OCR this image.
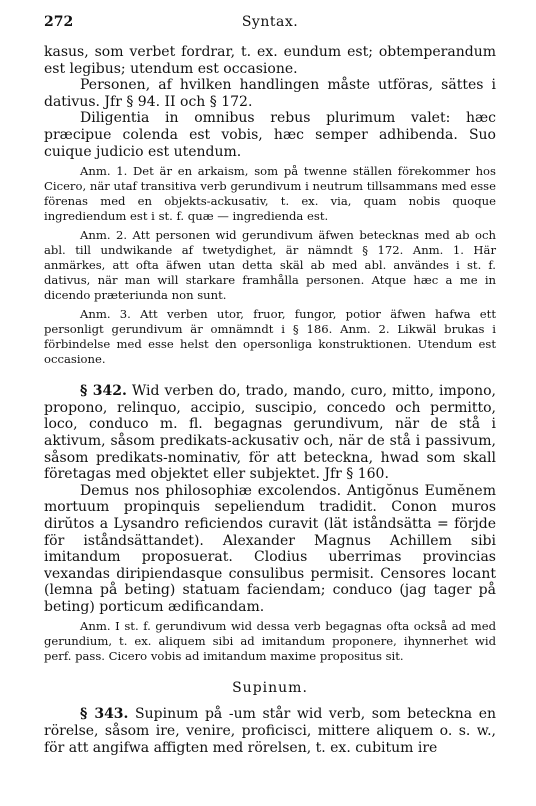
272	Syntax.

kasus, som verbet fordrar, t. ex. eundum est; obtemperandum est legibus; utendum est occasione.

Personen, af hvilken handlingen måste utföras, sättes i dativus. Jfr § 94. II och § 172.

Diligentia in omnibus rebus plurimum valet: hæc præcipue colenda est vobis, hæc semper adhibenda. Suo cuique judicio est utendum.

Anm. 1. Det är en arkaism, som på twenne ställen förekommer hos Cicero, när utaf transitiva verb gerundivum i neutrum tillsammans med esse förenas med en objekts-ackusativ, t. ex. via, quam nobis quoque ingrediendum est i st. f. quæ — ingredienda est.

Anm. 2. Att personen wid gerundivum äfwen betecknas med ab och abl. till undwikande af twetydighet, är nämndt § 172. Anm. 1. Här anmärkes, att ofta äfwen utan detta skäl ab med abl. användes i st. f. dativus, när man will starkare framhålla personen. Atque hæc a me in dicendo præteriunda non sunt.

Anm. 3. Att verben utor, fruor, fungor, potior äfwen hafwa ett personligt gerundivum är omnämndt i § 186. Anm. 2. Likwäl brukas i förbindelse med esse helst den opersonliga konstruktionen. Utendum est occasione.

§ 342. Wid verben do, trado, mando, curo, mitto, impono, propono, relinquo, accipio, suscipio, concedo och permitto, loco, conduco m. fl. begagnas gerundivum, när de stå i aktivum, såsom predikats-ackusativ och, när de stå i passivum, såsom predikats-nominativ, för att beteckna, hwad som skall företagas med objektet eller subjektet. Jfr § 160.

Demus nos philosophiæ excolendos. Antigŏnus Eumĕnem mortuum propinquis sepeliendum tradidit. Conon muros dirŭtos a Lysandro reficiendos curavit (lät iståndsätta = förjde för iståndsättandet). Alexander Magnus Achillem sibi imitandum proposuerat. Clodius uberrimas provincias vexandas diripiendasque consulibus permisit. Censores locant (lemna på beting) statuam faciendam; conduco (jag tager på beting) porticum ædificandam.

Anm. I st. f. gerundivum wid dessa verb begagnas ofta också ad med gerundium, t. ex. aliquem sibi ad imitandum proponere, ihynnerhet wid perf. pass. Cicero vobis ad imitandum maxime propositus sit.

Supinum.

§ 343. Supinum på -um står wid verb, som beteckna en rörelse, såsom ire, venire, proficisci, mittere aliquem o. s. w., för att angifwa affigten med rörelsen, t. ex. cubitum ire
